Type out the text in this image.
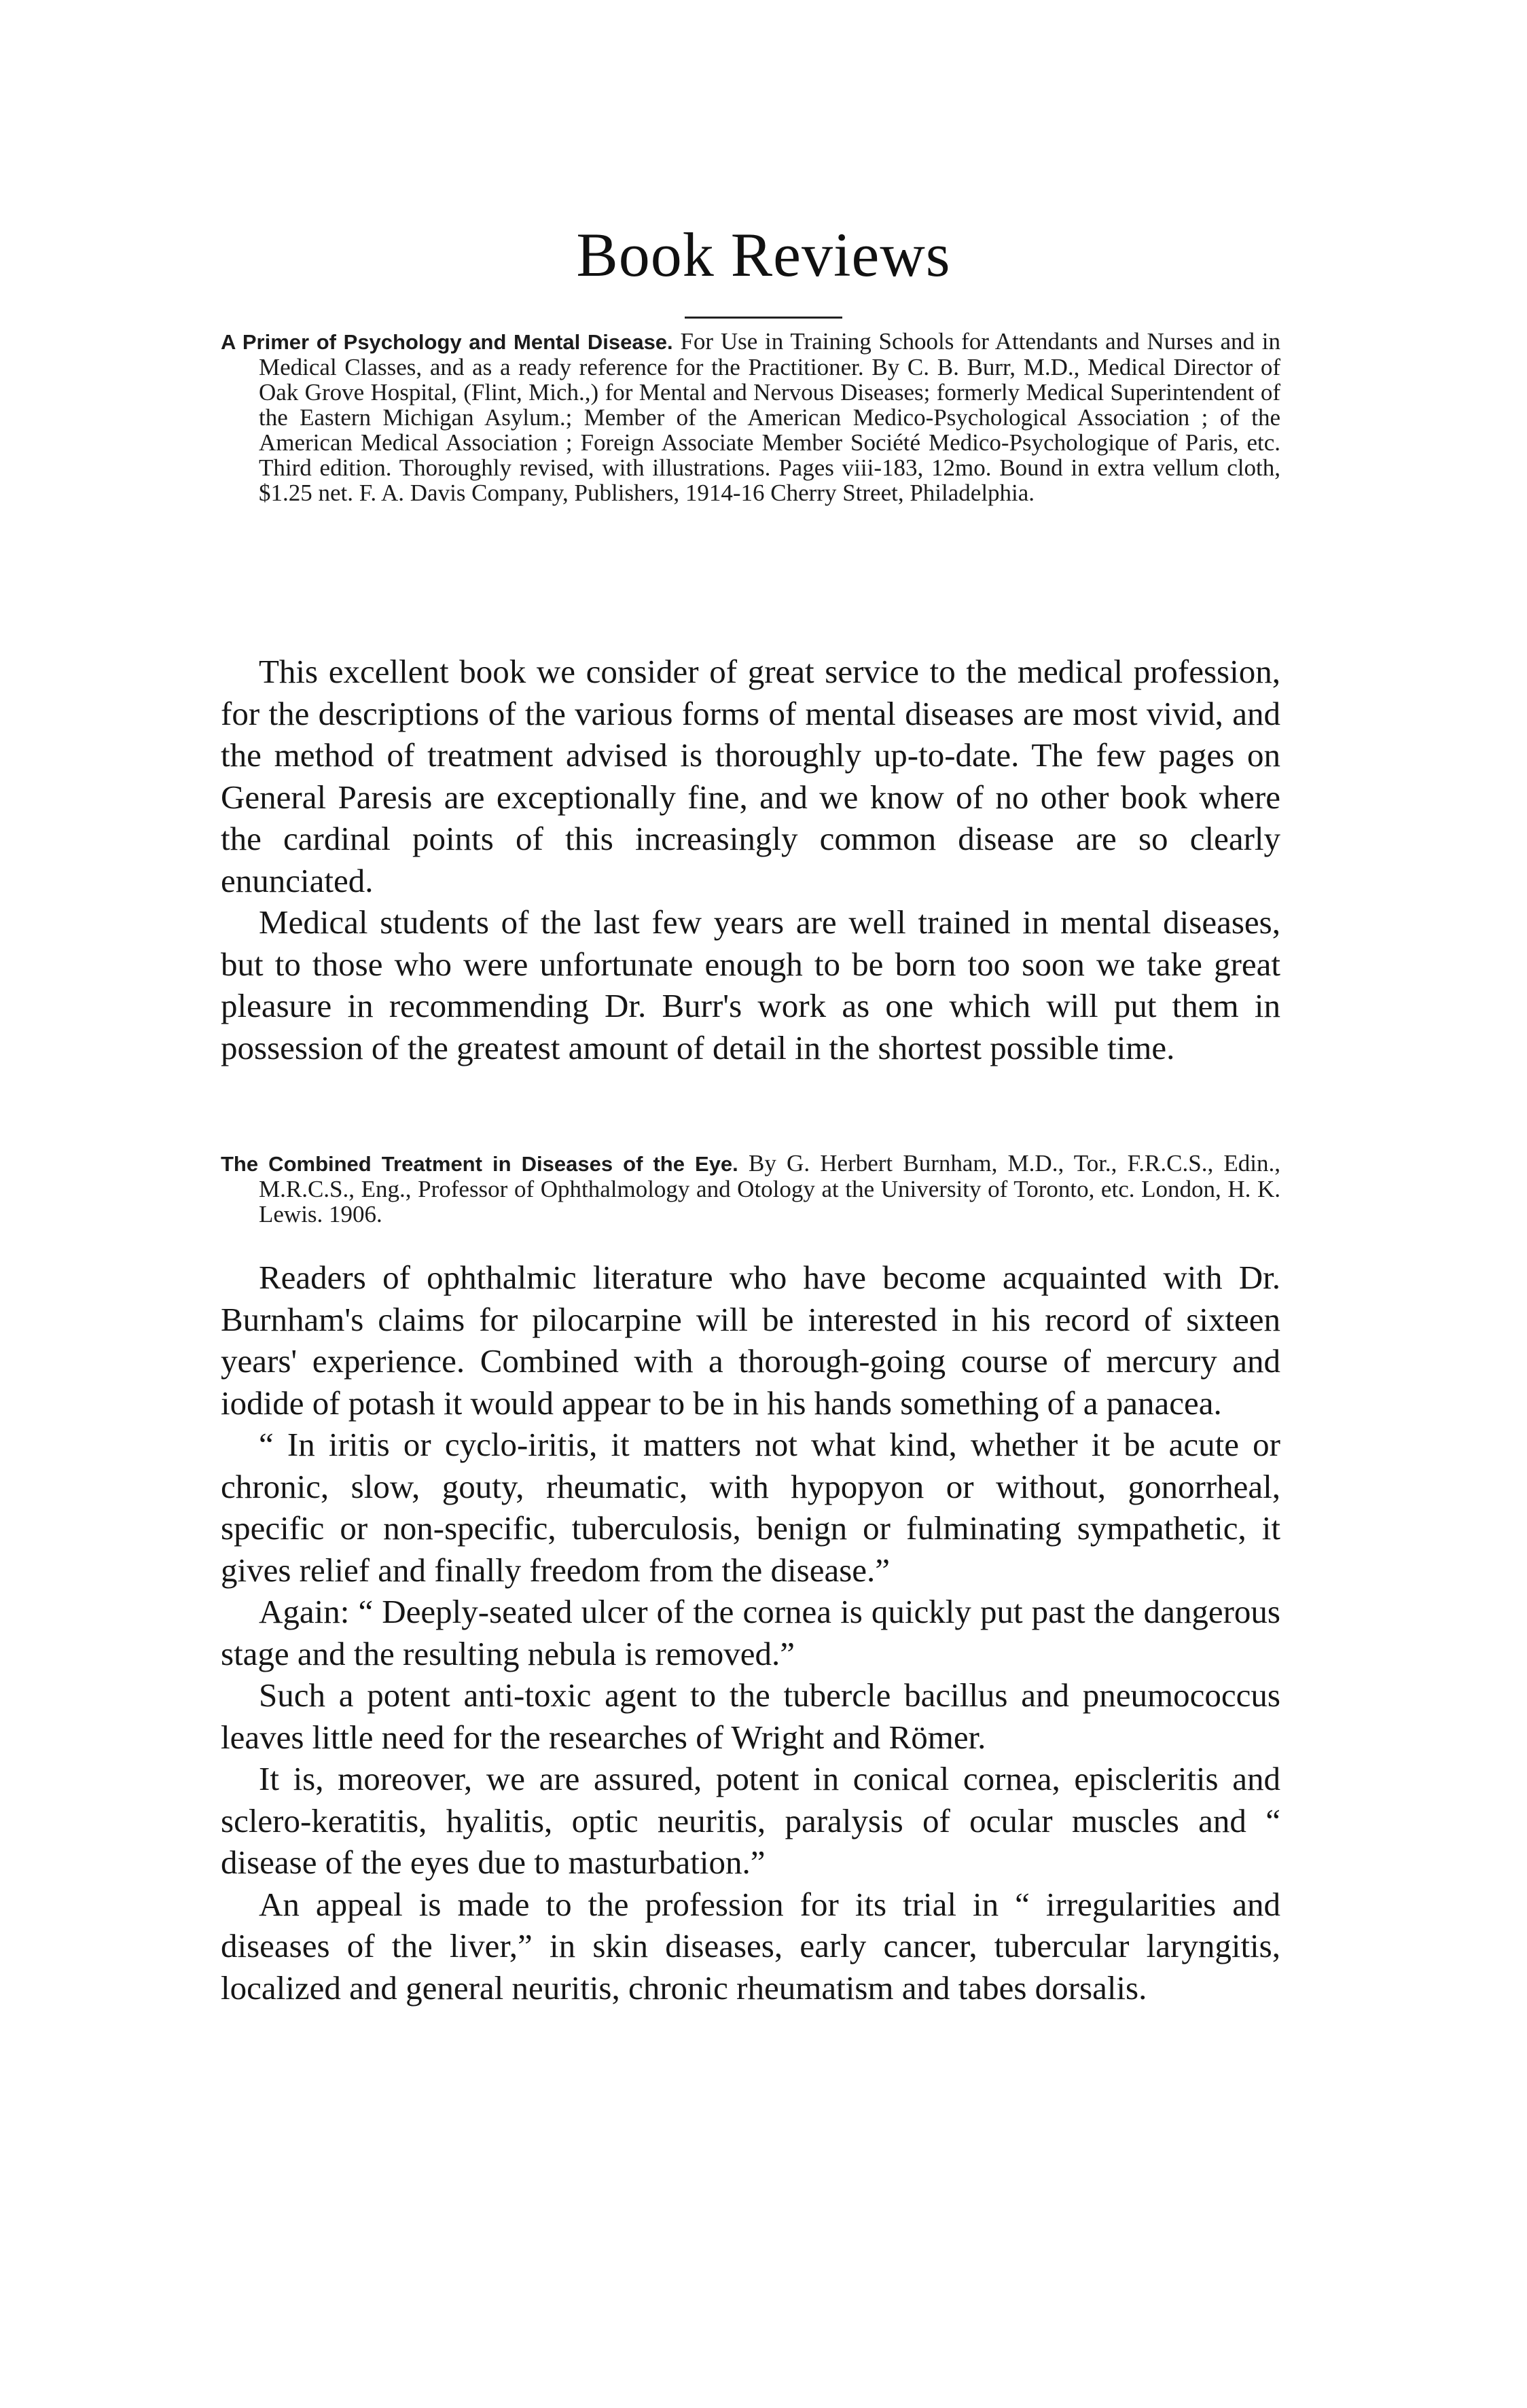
Book Reviews

A Primer of Psychology and Mental Disease. For Use in Training Schools for Attendants and Nurses and in Medical Classes, and as a ready reference for the Practitioner. By C. B. Burr, M.D., Medical Director of Oak Grove Hospital, (Flint, Mich.,) for Mental and Nervous Diseases; formerly Medical Superintendent of the Eastern Michigan Asylum.; Member of the American Medico-Psychological Association ; of the American Medical Association ; Foreign Associate Member Société Medico-Psychologique of Paris, etc. Third edition. Thoroughly revised, with illustrations. Pages viii-183, 12mo. Bound in extra vellum cloth, $1.25 net. F. A. Davis Company, Publishers, 1914-16 Cherry Street, Philadelphia.

This excellent book we consider of great service to the medical profession, for the descriptions of the various forms of mental diseases are most vivid, and the method of treatment advised is thoroughly up-to-date. The few pages on General Paresis are exceptionally fine, and we know of no other book where the cardinal points of this increasingly common disease are so clearly enunciated.

Medical students of the last few years are well trained in mental diseases, but to those who were unfortunate enough to be born too soon we take great pleasure in recommending Dr. Burr's work as one which will put them in possession of the greatest amount of detail in the shortest possible time.

The Combined Treatment in Diseases of the Eye. By G. Herbert Burnham, M.D., Tor., F.R.C.S., Edin., M.R.C.S., Eng., Professor of Ophthalmology and Otology at the University of Toronto, etc. London, H. K. Lewis. 1906.

Readers of ophthalmic literature who have become acquainted with Dr. Burnham's claims for pilocarpine will be interested in his record of sixteen years' experience. Combined with a thorough-going course of mercury and iodide of potash it would appear to be in his hands something of a panacea.

“ In iritis or cyclo-iritis, it matters not what kind, whether it be acute or chronic, slow, gouty, rheumatic, with hypopyon or without, gonorrheal, specific or non-specific, tuberculosis, benign or fulminating sympathetic, it gives relief and finally freedom from the disease.”

Again: “ Deeply-seated ulcer of the cornea is quickly put past the dangerous stage and the resulting nebula is removed.”

Such a potent anti-toxic agent to the tubercle bacillus and pneumococcus leaves little need for the researches of Wright and Römer.

It is, moreover, we are assured, potent in conical cornea, episcleritis and sclero-keratitis, hyalitis, optic neuritis, paralysis of ocular muscles and “ disease of the eyes due to masturbation.”

An appeal is made to the profession for its trial in “ irregularities and diseases of the liver,” in skin diseases, early cancer, tubercular laryngitis, localized and general neuritis, chronic rheumatism and tabes dorsalis.
